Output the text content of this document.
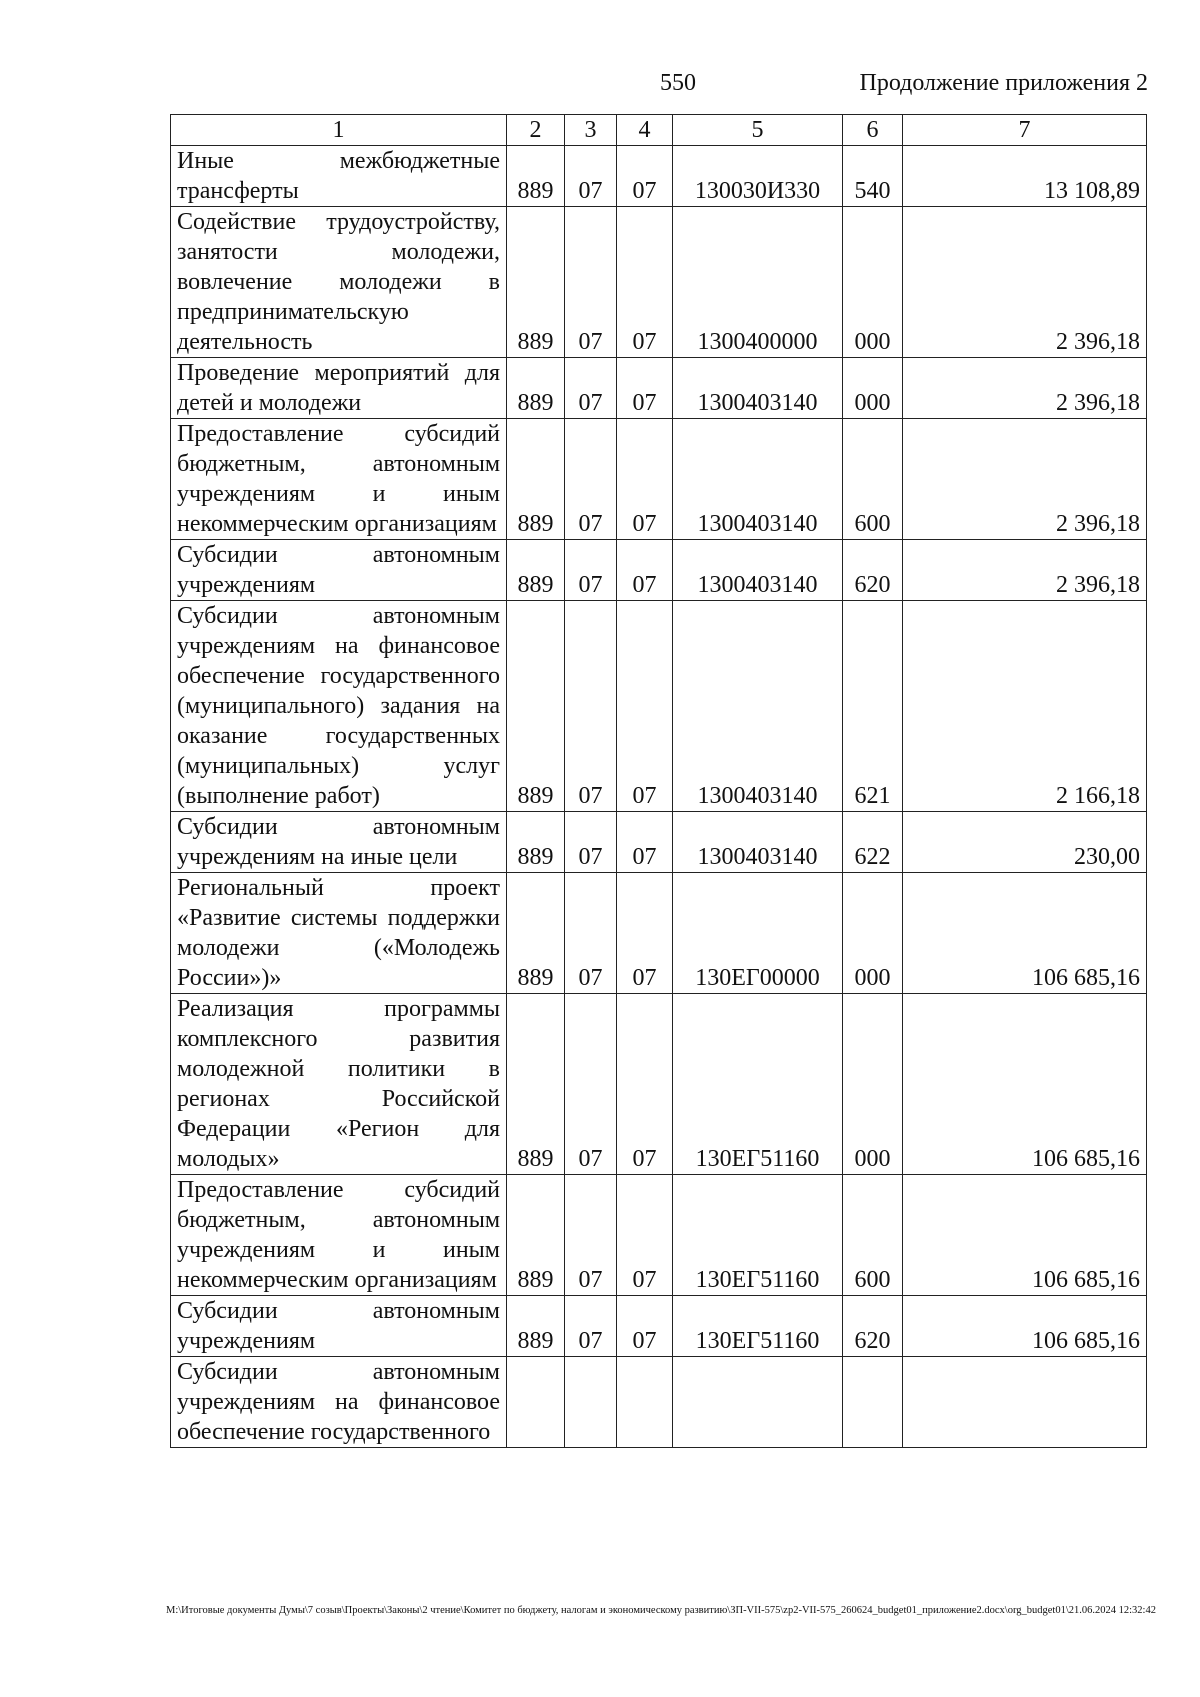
550	Продолжение приложения 2
1	2	3	4	5	6	7
Иные межбюджетные трансферты	889	07	07	130030И330	540	13 108,89
Содействие трудоустройству, занятости молодежи, вовлечение молодежи в предпринимательскую деятельность	889	07	07	1300400000	000	2 396,18
Проведение мероприятий для детей и молодежи	889	07	07	1300403140	000	2 396,18
Предоставление субсидий бюджетным, автономным учреждениям и иным некоммерческим организациям	889	07	07	1300403140	600	2 396,18
Субсидии автономным учреждениям	889	07	07	1300403140	620	2 396,18
Субсидии автономным учреждениям на финансовое обеспечение государственного (муниципального) задания на оказание государственных (муниципальных) услуг (выполнение работ)	889	07	07	1300403140	621	2 166,18
Субсидии автономным учреждениям на иные цели	889	07	07	1300403140	622	230,00
Региональный проект «Развитие системы поддержки молодежи («Молодежь России»)»	889	07	07	130ЕГ00000	000	106 685,16
Реализация программы комплексного развития молодежной политики в регионах Российской Федерации «Регион для молодых»	889	07	07	130ЕГ51160	000	106 685,16
Предоставление субсидий бюджетным, автономным учреждениям и иным некоммерческим организациям	889	07	07	130ЕГ51160	600	106 685,16
Субсидии автономным учреждениям	889	07	07	130ЕГ51160	620	106 685,16
Субсидии автономным учреждениям на финансовое обеспечение государственного						
М:\Итоговые документы Думы\7 созыв\Проекты\Законы\2 чтение\Комитет по бюджету, налогам и экономическому развитию\ЗП-VII-575\zp2-VII-575_260624_budget01_приложение2.docx\org_budget01\21.06.2024 12:32:42
